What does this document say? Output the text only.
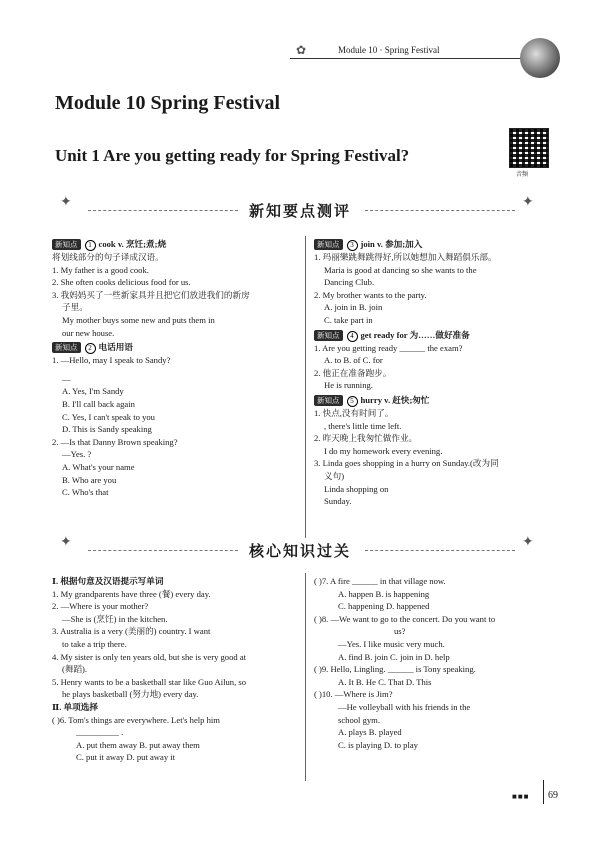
✿	Module 10 · Spring Festival
Module 10 Spring Festival
Unit 1 Are you getting ready for Spring Festival?
音频
✦	新知要点测评	✦
新知点 1 cook v. 烹饪;煮;烧
将划线部分的句子译成汉语。
1. My father is a good cook.
2. She often cooks delicious food for us.
3. 我妈妈买了一些新家具并且把它们放进我们的新房
子里。
My mother buys some new and puts them in
our new house.
新知点 2 电话用语
1. —Hello, may I speak to Sandy?
—
A. Yes, I'm Sandy
B. I'll call back again
C. Yes, I can't speak to you
D. This is Sandy speaking
2. —Is that Danny Brown speaking?
—Yes. ?
A. What's your name
B. Who are you
C. Who's that
新知点 3 join v. 参加;加入
1. 玛丽樂跳舞跳得好,所以她想加入舞蹈俱乐部。
Maria is good at dancing so she wants to the
Dancing Club.
2. My brother wants to the party.
A. join in B. join
C. take part in
新知点 4 get ready for 为……做好准备
1. Are you getting ready ______ the exam?
A. to B. of C. for
2. 他正在准备跑步。
He is running.
新知点 5 hurry v. 赶快;匆忙
1. 快点,没有时间了。
, there's little time left.
2. 昨天晚上我匆忙做作业。
I do my homework every evening.
3. Linda goes shopping in a hurry on Sunday.(改为同
义句)
Linda shopping on
Sunday.
✦	核心知识过关	✦
Ⅰ. 根据句意及汉语提示写单词
1. My grandparents have three (餐) every day.
2. —Where is your mother?
—She is (烹饪) in the kitchen.
3. Australia is a very (美丽的) country. I want
to take a trip there.
4. My sister is only ten years old, but she is very good at
(舞蹈).
5. Henry wants to be a basketball star like Guo Ailun, so
he plays basketball (努力地) every day.
Ⅱ. 单项选择
( )6. Tom's things are everywhere. Let's help him
__________ .
A. put them away B. put away them
C. put it away D. put away it
( )7. A fire ______ in that village now.
A. happen B. is happening
C. happening D. happened
( )8. —We want to go to the concert. Do you want to
us?
—Yes. I like music very much.
A. find B. join C. join in D. help
( )9. Hello, Lingling. ______ is Tony speaking.
A. It B. He C. That D. This
( )10. —Where is Jim?
—He volleyball with his friends in the
school gym.
A. plays B. played
C. is playing D. to play
■■■ 69
